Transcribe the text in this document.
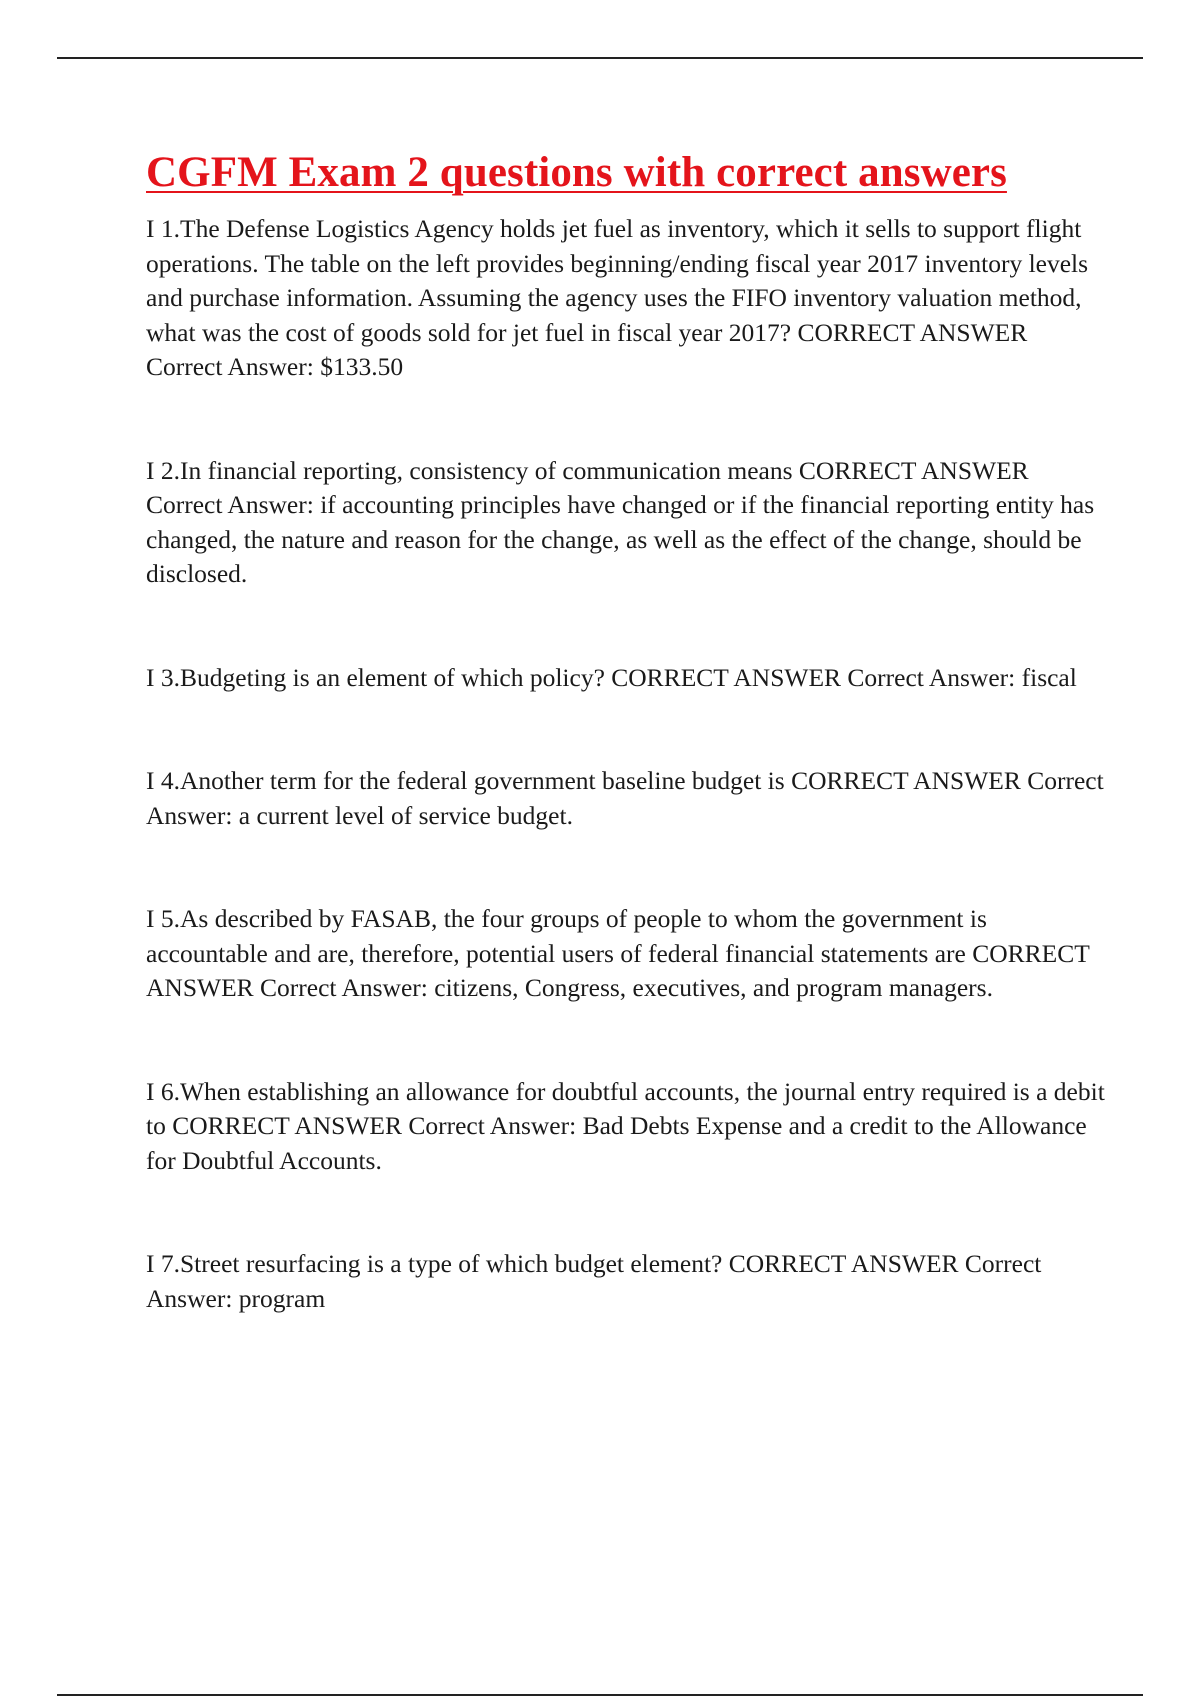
CGFM Exam 2 questions with correct answers

I 1.The Defense Logistics Agency holds jet fuel as inventory, which it sells to support flight operations. The table on the left provides beginning/ending fiscal year 2017 inventory levels and purchase information. Assuming the agency uses the FIFO inventory valuation method, what was the cost of goods sold for jet fuel in fiscal year 2017? CORRECT ANSWER Correct Answer: $133.50

I 2.In financial reporting, consistency of communication means CORRECT ANSWER Correct Answer: if accounting principles have changed or if the financial reporting entity has changed, the nature and reason for the change, as well as the effect of the change, should be disclosed.

I 3.Budgeting is an element of which policy? CORRECT ANSWER Correct Answer: fiscal

I 4.Another term for the federal government baseline budget is CORRECT ANSWER Correct Answer: a current level of service budget.

I 5.As described by FASAB, the four groups of people to whom the government is accountable and are, therefore, potential users of federal financial statements are CORRECT ANSWER Correct Answer: citizens, Congress, executives, and program managers.

I 6.When establishing an allowance for doubtful accounts, the journal entry required is a debit to CORRECT ANSWER Correct Answer: Bad Debts Expense and a credit to the Allowance for Doubtful Accounts.

I 7.Street resurfacing is a type of which budget element? CORRECT ANSWER Correct Answer: program
